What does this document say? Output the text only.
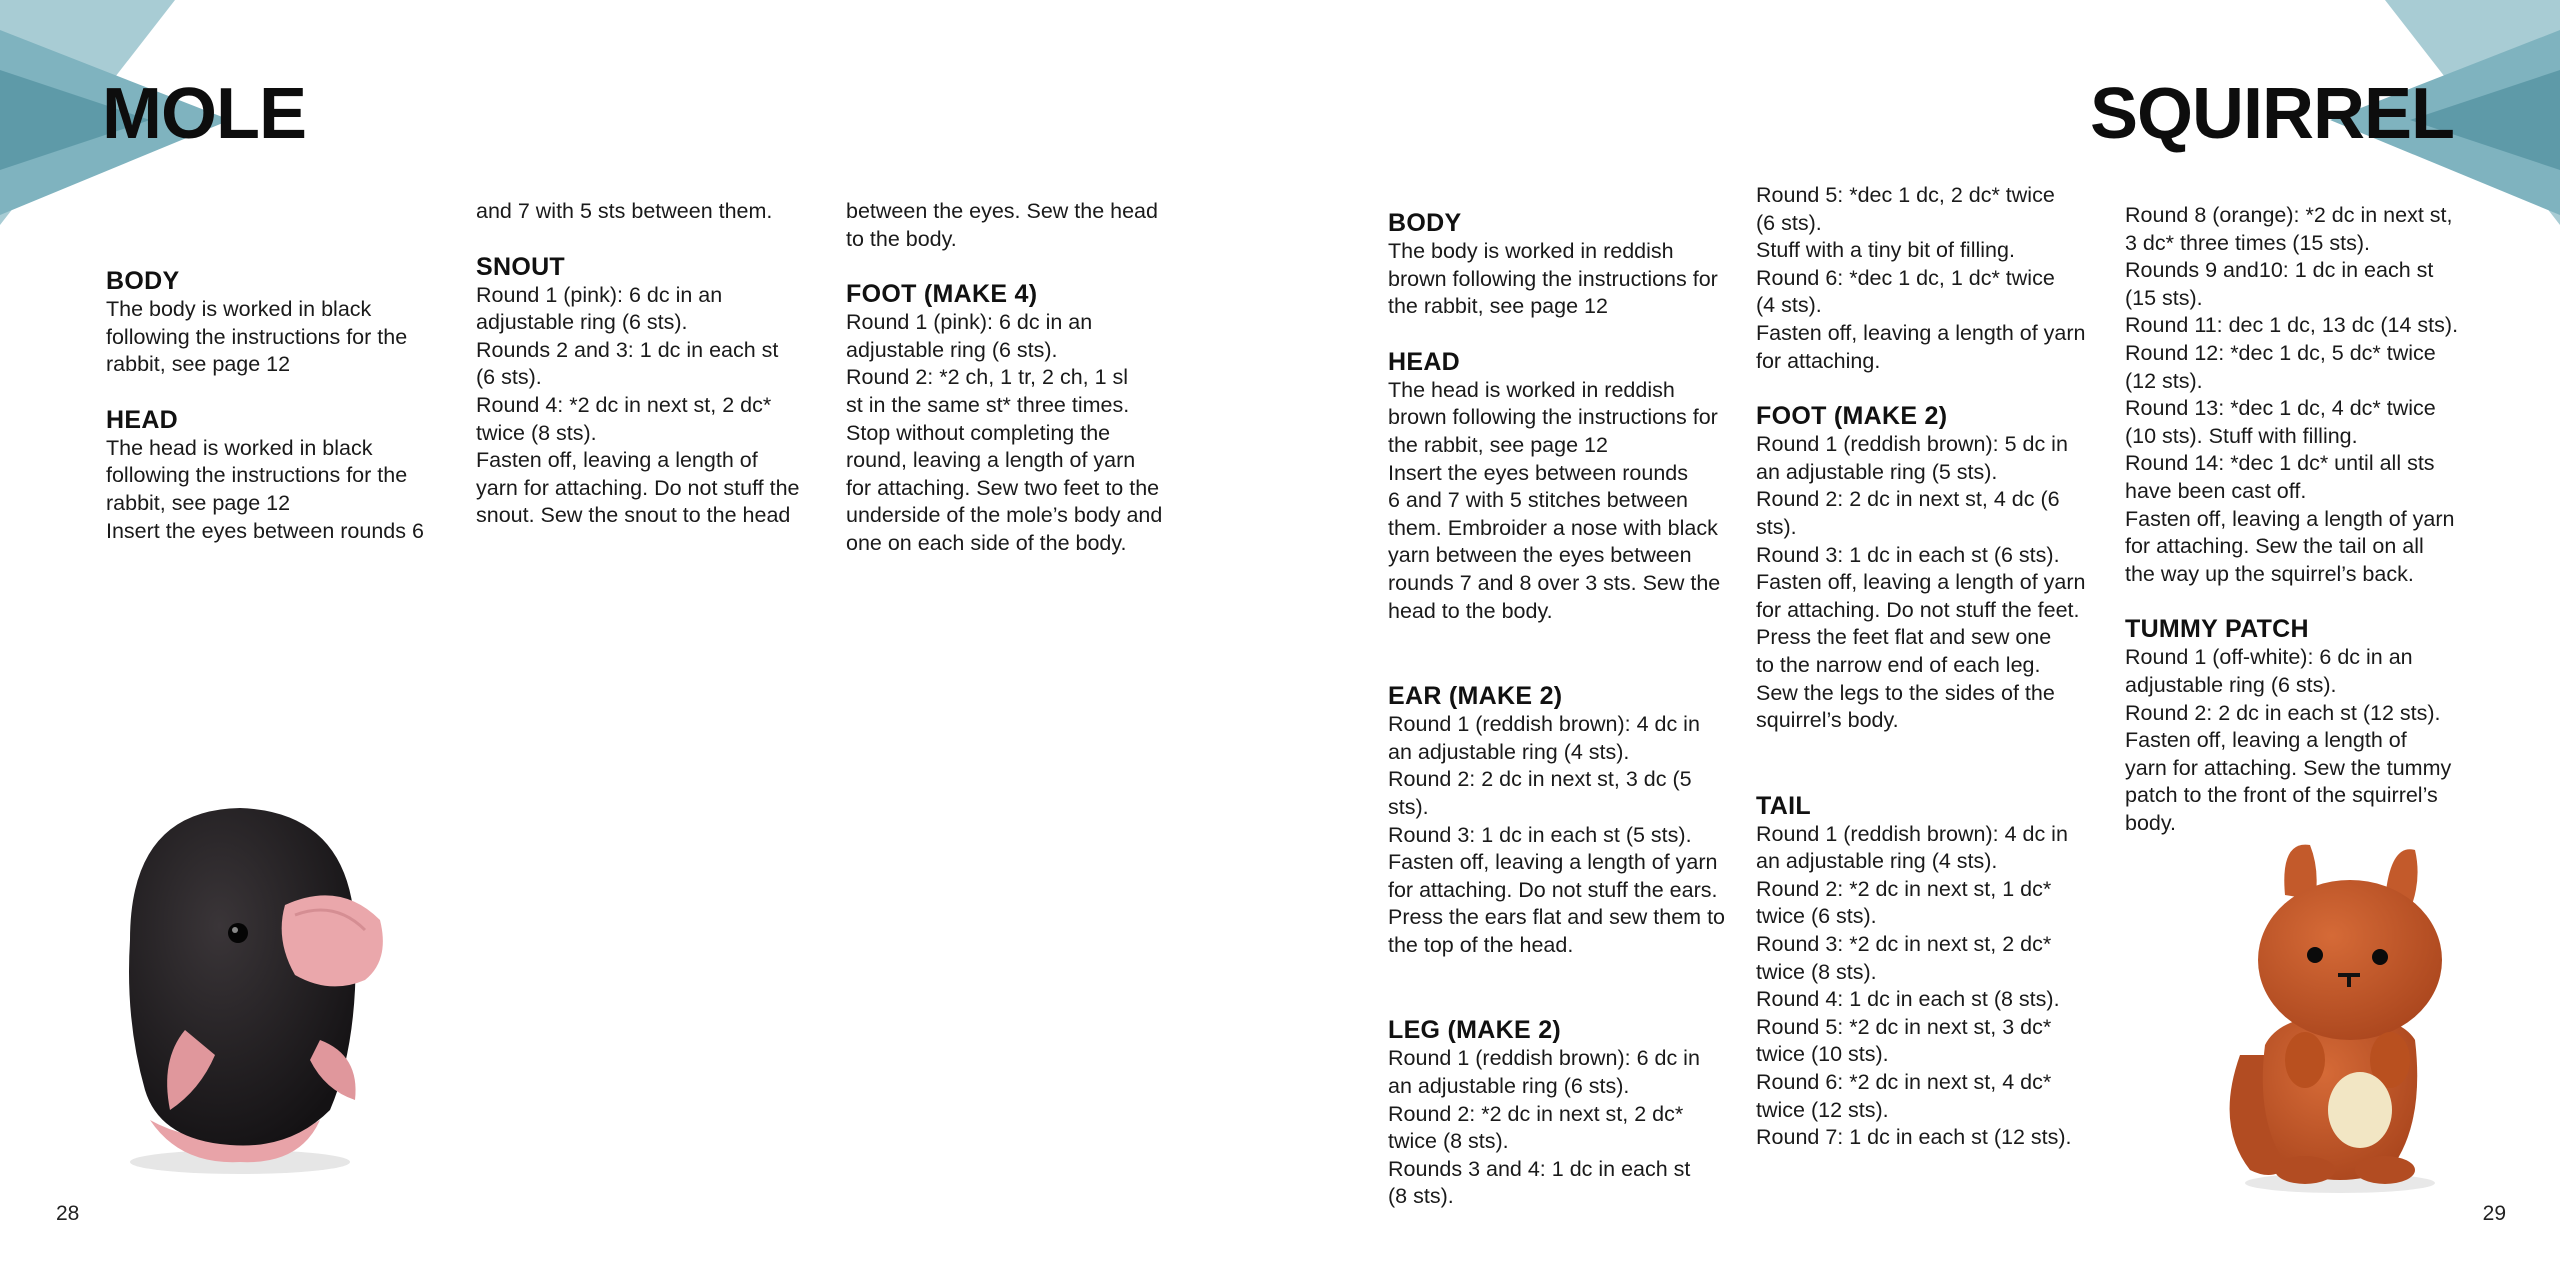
MOLE
BODY

The body is worked in black
following the instructions for the
rabbit, see page 12

HEAD

The head is worked in black
following the instructions for the
rabbit, see page 12
Insert the eyes between rounds 6

and 7 with 5 sts between them.

SNOUT

Round 1 (pink): 6 dc in an
adjustable ring (6 sts).
Rounds 2 and 3: 1 dc in each st
(6 sts).
Round 4: *2 dc in next st, 2 dc*
twice (8 sts).
Fasten off, leaving a length of
yarn for attaching. Do not stuff the
snout. Sew the snout to the head

between the eyes. Sew the head
to the body.

FOOT (MAKE 4)

Round 1 (pink): 6 dc in an
adjustable ring (6 sts).
Round 2: *2 ch, 1 tr, 2 ch, 1 sl
st in the same st* three times.
Stop without completing the
round, leaving a length of yarn
for attaching. Sew two feet to the
underside of the mole’s body and
one on each side of the body.

28
SQUIRREL
BODY

The body is worked in reddish
brown following the instructions for
the rabbit, see page 12

HEAD

The head is worked in reddish
brown following the instructions for
the rabbit, see page 12
Insert the eyes between rounds
6 and 7 with 5 stitches between
them. Embroider a nose with black
yarn between the eyes between
rounds 7 and 8 over 3 sts. Sew the
head to the body.

EAR (MAKE 2)

Round 1 (reddish brown): 4 dc in
an adjustable ring (4 sts).
Round 2: 2 dc in next st, 3 dc (5
sts).
Round 3: 1 dc in each st (5 sts).
Fasten off, leaving a length of yarn
for attaching. Do not stuff the ears.
Press the ears flat and sew them to
the top of the head.

LEG (MAKE 2)

Round 1 (reddish brown): 6 dc in
an adjustable ring (6 sts).
Round 2: *2 dc in next st, 2 dc*
twice (8 sts).
Rounds 3 and 4: 1 dc in each st
(8 sts).

Round 5: *dec 1 dc, 2 dc* twice
(6 sts).
Stuff with a tiny bit of filling.
Round 6: *dec 1 dc, 1 dc* twice
(4 sts).
Fasten off, leaving a length of yarn
for attaching.

FOOT (MAKE 2)

Round 1 (reddish brown): 5 dc in
an adjustable ring (5 sts).
Round 2: 2 dc in next st, 4 dc (6
sts).
Round 3: 1 dc in each st (6 sts).
Fasten off, leaving a length of yarn
for attaching. Do not stuff the feet.
Press the feet flat and sew one
to the narrow end of each leg.
Sew the legs to the sides of the
squirrel’s body.

TAIL

Round 1 (reddish brown): 4 dc in
an adjustable ring (4 sts).
Round 2: *2 dc in next st, 1 dc*
twice (6 sts).
Round 3: *2 dc in next st, 2 dc*
twice (8 sts).
Round 4: 1 dc in each st (8 sts).
Round 5: *2 dc in next st, 3 dc*
twice (10 sts).
Round 6: *2 dc in next st, 4 dc*
twice (12 sts).
Round 7: 1 dc in each st (12 sts).

Round 8 (orange): *2 dc in next st,
3 dc* three times (15 sts).
Rounds 9 and10: 1 dc in each st
(15 sts).
Round 11: dec 1 dc, 13 dc (14 sts).
Round 12: *dec 1 dc, 5 dc* twice
(12 sts).
Round 13: *dec 1 dc, 4 dc* twice
(10 sts). Stuff with filling.
Round 14: *dec 1 dc* until all sts
have been cast off.
Fasten off, leaving a length of yarn
for attaching. Sew the tail on all
the way up the squirrel’s back.

TUMMY PATCH

Round 1 (off-white): 6 dc in an
adjustable ring (6 sts).
Round 2: 2 dc in each st (12 sts).
Fasten off, leaving a length of
yarn for attaching. Sew the tummy
patch to the front of the squirrel’s
body.

29
